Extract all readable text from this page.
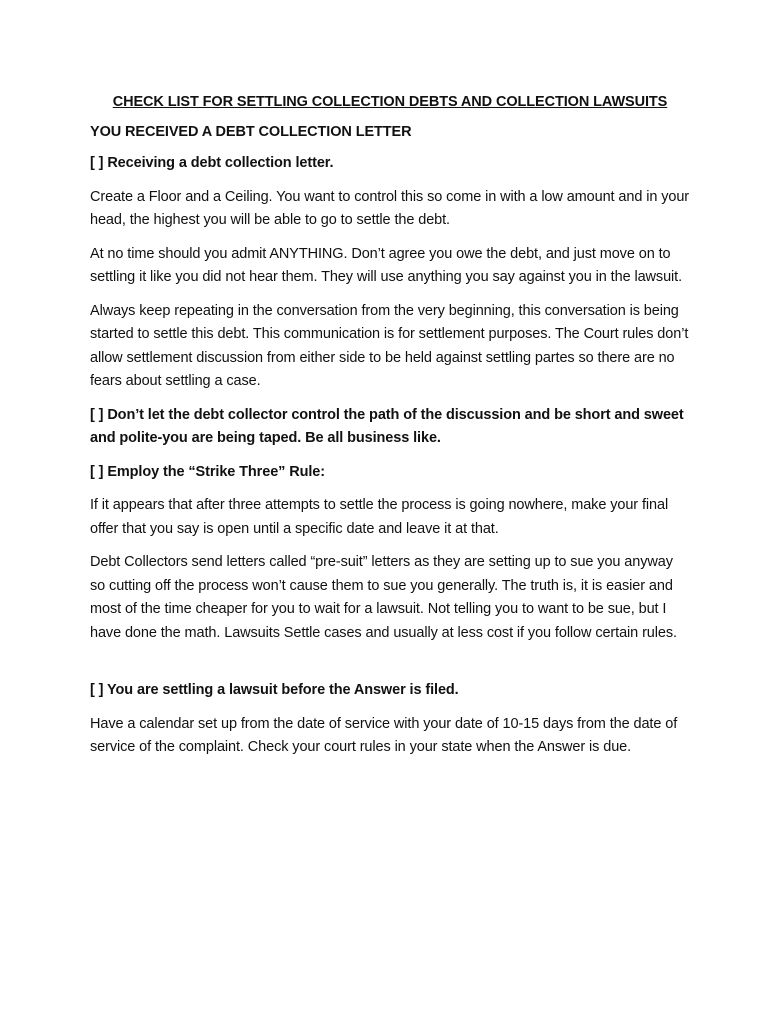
CHECK LIST FOR SETTLING COLLECTION DEBTS AND COLLECTION LAWSUITS
YOU RECEIVED A DEBT COLLECTION LETTER
[ ] Receiving a debt collection letter.
Create a Floor and a Ceiling. You want to control this so come in with a low amount and in your head, the highest you will be able to go to settle the debt.
At no time should you admit ANYTHING. Don’t agree you owe the debt, and just move on to settling it like you did not hear them. They will use anything you say against you in the lawsuit.
Always keep repeating in the conversation from the very beginning, this conversation is being started to settle this debt. This communication is for settlement purposes. The Court rules don’t allow settlement discussion from either side to be held against settling partes so there are no fears about settling a case.
[ ] Don’t let the debt collector control the path of the discussion and be short and sweet and polite-you are being taped. Be all business like.
[ ] Employ the “Strike Three” Rule:
If it appears that after three attempts to settle the process is going nowhere, make your final offer that you say is open until a specific date and leave it at that.
Debt Collectors send letters called “pre-suit” letters as they are setting up to sue you anyway so cutting off the process won’t cause them to sue you generally. The truth is, it is easier and most of the time cheaper for you to wait for a lawsuit. Not telling you to want to be sue, but I have done the math. Lawsuits Settle cases and usually at less cost if you follow certain rules.
[ ] You are settling a lawsuit before the Answer is filed.
Have a calendar set up from the date of service with your date of 10-15 days from the date of service of the complaint. Check your court rules in your state when the Answer is due.
